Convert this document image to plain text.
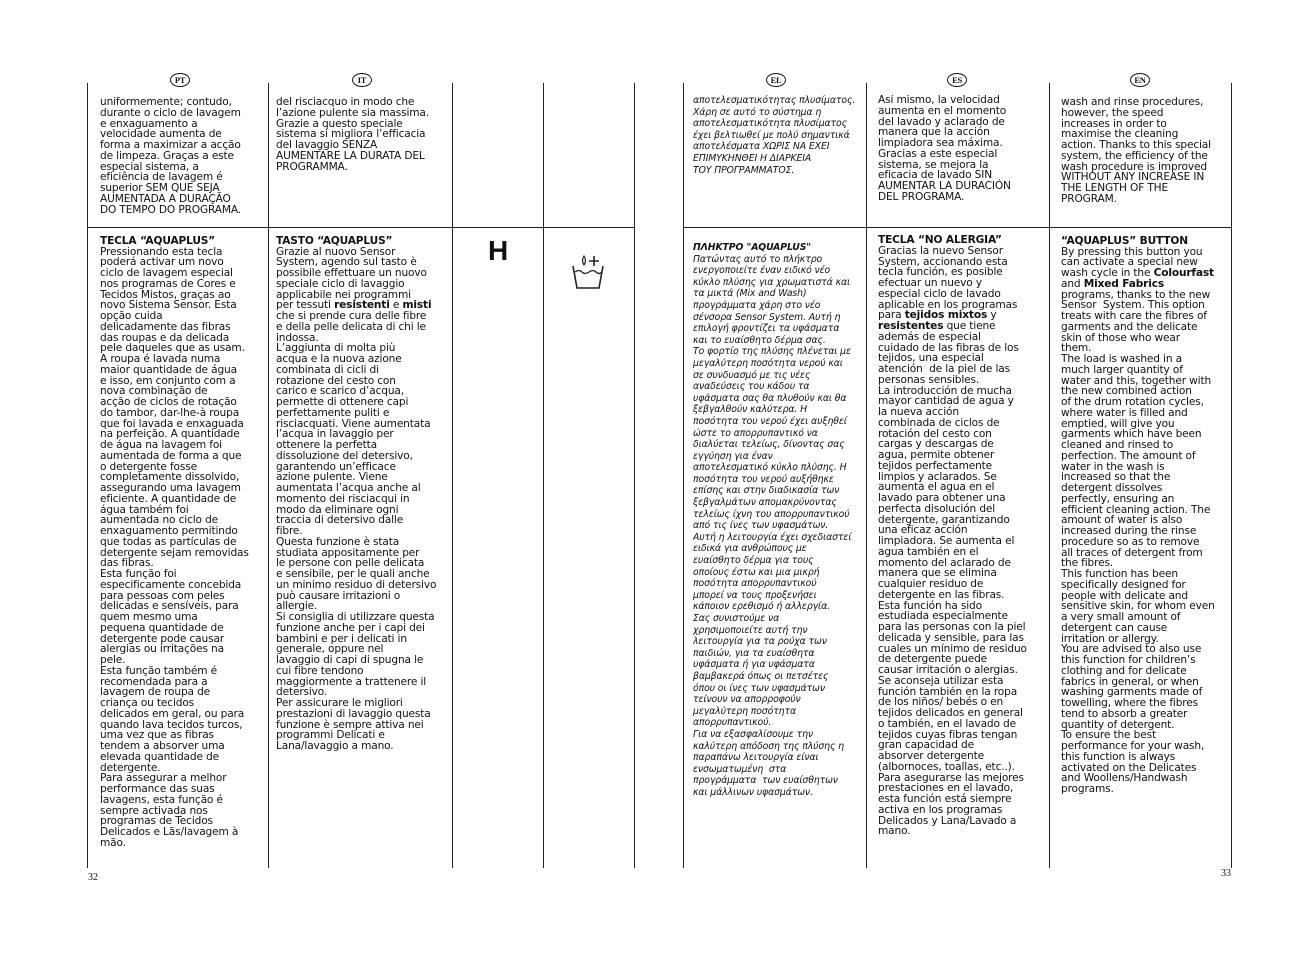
PT	IT
uniformemente; contudo,
durante o ciclo de lavagem
e enxaguamento a
velocidade aumenta de
forma a maximizar a acção
de limpeza. Graças a este
especial sistema, a
eficiência de lavagem é
superior SEM QUE SEJA
AUMENTADA A DURAÇÃO
DO TEMPO DO PROGRAMA.
TECLA “AQUAPLUS”
Pressionando esta tecla
poderá activar um novo
ciclo de lavagem especial
nos programas de Cores e
Tecidos Mistos, graças ao
novo Sistema Sensor. Esta
opção cuida
delicadamente das fibras
das roupas e da delicada
pele daqueles que as usam.
A roupa é lavada numa
maior quantidade de água
e isso, em conjunto com a
nova combinação de
acção de ciclos de rotação
do tambor, dar-lhe-à roupa
que foi lavada e enxaguada
na perfeição. A quantidade
de água na lavagem foi
aumentada de forma a que
o detergente fosse
completamente dissolvido,
assegurando uma lavagem
eficiente. A quantidade de
água também foi
aumentada no ciclo de
enxaguamento permitindo
que todas as partículas de
detergente sejam removidas
das fibras.
Esta função foi
especificamente concebida
para pessoas com peles
delicadas e sensíveis, para
quem mesmo uma
pequena quantidade de
detergente pode causar
alergias ou irritações na
pele.
Esta função também é
recomendada para a
lavagem de roupa de
criança ou tecidos
delicados em geral, ou para
quando lava tecidos turcos,
uma vez que as fibras
tendem a absorver uma
elevada quantidade de
detergente.
Para assegurar a melhor
performance das suas
lavagens, esta função é
sempre activada nos
programas de Tecidos
Delicados e Lãs/lavagem à
mão.
del risciacquo in modo che
l’azione pulente sia massima.
Grazie a questo speciale
sistema si migliora l’efficacia
del lavaggio SENZA
AUMENTARE LA DURATA DEL
PROGRAMMA.
TASTO “AQUAPLUS”
Grazie al nuovo Sensor
System, agendo sul tasto è
possibile effettuare un nuovo
speciale ciclo di lavaggio
applicabile nei programmi
per tessuti resistenti e misti
che si prende cura delle fibre
e della pelle delicata di chi le
indossa.
L’aggiunta di molta più
acqua e la nuova azione
combinata di cicli di
rotazione del cesto con
carico e scarico d’acqua,
permette di ottenere capi
perfettamente puliti e
risciacquati. Viene aumentata
l’acqua in lavaggio per
ottenere la perfetta
dissoluzione del detersivo,
garantendo un’efficace
azione pulente. Viene
aumentata l’acqua anche al
momento dei risciacqui in
modo da eliminare ogni
traccia di detersivo dalle
fibre.
Questa funzione è stata
studiata appositamente per
le persone con pelle delicata
e sensibile, per le quali anche
un minimo residuo di detersivo
può causare irritazioni o
allergie.
Si consiglia di utilizzare questa
funzione anche per i capi dei
bambini e per i delicati in
generale, oppure nel
lavaggio di capi di spugna le
cui fibre tendono
maggiormente a trattenere il
detersivo.
Per assicurare le migliori
prestazioni di lavaggio questa
funzione è sempre attiva nei
programmi Delicati e
Lana/lavaggio a mano.
H
32
EL	ES	EN
αποτελεσματικότητας πλυσίματος.
Χάρη σε αυτό το σύστημα η
αποτελεσματικότητα πλυσίματος
έχει βελτιωθεί με πολύ σημαντικά
αποτελέσματα ΧΩΡΙΣ ΝΑ ΕΧΕΙ
ΕΠΙΜΥΚΗΝΘΕΙ Η ΔΙΑΡΚΕΙΑ
ΤΟΥ ΠΡΟΓΡΑΜΜΑΤΟΣ.
ΠΛΗΚΤΡΟ "AQUAPLUS"
Πατώντας αυτό το πλήκτρο
ενεργοποιείτε έναν ειδικό νέο
κύκλο πλύσης για χρωματιστά και
τα μικτά (Mix and Wash)
προγράμματα χάρη στο νέο
σένσορα Sensor System. Αυτή η
επιλογή φροντίζει τα υφάσματα
και το ευαίσθητο δέρμα σας.
Το φορτίο της πλύσης πλένεται με
μεγαλύτερη ποσότητα νερού και
σε συνδυασμό με τις νέες
αναδεύσεις του κάδου τα
υφάσματα σας θα πλυθούν και θα
ξεβγαλθούν καλύτερα. Η
ποσότητα του νερού έχει αυξηθεί
ώστε το απορρυπαντικό να
διαλύεται τελείως, δίνοντας σας
εγγύηση για έναν
αποτελεσματικό κύκλο πλύσης. Η
ποσότητα του νερού αυξήθηκε
επίσης και στην διαδικασία των
ξεβγαλμάτων απομακρύνοντας
τελείως ίχνη του απορρυπαντικού
από τις ίνες των υφασμάτων.
Αυτή η λειτουργία έχει σχεδιαστεί
ειδικά για ανθρώπους με
ευαίσθητο δέρμα για τους
οποίους έστω και μια μικρή
ποσότητα απορρυπαντικού
μπορεί να τους προξενήσει
κάποιον ερεθισμό ή αλλεργία.
Σας συνιστούμε να
χρησιμοποιείτε αυτή την
λειτουργία για τα ρούχα των
παιδιών, για τα ευαίσθητα
υφάσματα ή για υφάσματα
βαμβακερά όπως οι πετσέτες
όπου οι ίνες των υφασμάτων
τείνουν να απορροφούν
μεγαλύτερη ποσότητα
απορρυπαντικού.
Για να εξασφαλίσουμε την
καλύτερη απόδοση της πλύσης η
παραπάνω λειτουργία είναι
ενσωματωμένη  στα
προγράμματα  των ευαίσθητων
και μάλλινων υφασμάτων.
Así mismo, la velocidad
aumenta en el momento
del lavado y aclarado de
manera que la acción
limpiadora sea máxima.
Gracias a este especial
sistema, se mejora la
eficacia de lavado SIN
AUMENTAR LA DURACIÓN
DEL PROGRAMA.
TECLA “NO ALERGIA”
Gracias la nuevo Sensor
System, accionando esta
tecla función, es posible
efectuar un nuevo y
especial ciclo de lavado
aplicable en los programas
para tejidos mixtos y
resistentes que tiene
además de especial
cuidado de las fibras de los
tejidos, una especial
atención  de la piel de las
personas sensibles.
La introducción de mucha
mayor cantidad de agua y
la nueva acción
combinada de ciclos de
rotación del cesto con
cargas y descargas de
agua, permite obtener
tejidos perfectamente
limpios y aclarados. Se
aumenta el agua en el
lavado para obtener una
perfecta disolución del
detergente, garantizando
una eficaz acción
limpiadora. Se aumenta el
agua también en el
momento del aclarado de
manera que se elimina
cualquier residuo de
detergente en las fibras.
Esta función ha sido
estudiada especialmente
para las personas con la piel
delicada y sensible, para las
cuales un mínimo de residuo
de detergente puede
causar irritación o alergias.
Se aconseja utilizar esta
función también en la ropa
de los niños/ bebés o en
tejidos delicados en general
o también, en el lavado de
tejidos cuyas fibras tengan
gran capacidad de
absorver detergente
(albornoces, toallas, etc..).
Para asegurarse las mejores
prestaciones en el lavado,
esta función está siempre
activa en los programas
Delicados y Lana/Lavado a
mano.
wash and rinse procedures,
however, the speed
increases in order to
maximise the cleaning
action. Thanks to this special
system, the efficiency of the
wash procedure is improved
WITHOUT ANY INCREASE IN
THE LENGTH OF THE
PROGRAM.
“AQUAPLUS” BUTTON
By pressing this button you
can activate a special new
wash cycle in the Colourfast
and Mixed Fabrics
programs, thanks to the new
Sensor  System. This option
treats with care the fibres of
garments and the delicate
skin of those who wear
them.
The load is washed in a
much larger quantity of
water and this, together with
the new combined action
of the drum rotation cycles,
where water is filled and
emptied, will give you
garments which have been
cleaned and rinsed to
perfection. The amount of
water in the wash is
increased so that the
detergent dissolves
perfectly, ensuring an
efficient cleaning action. The
amount of water is also
increased during the rinse
procedure so as to remove
all traces of detergent from
the fibres.
This function has been
specifically designed for
people with delicate and
sensitive skin, for whom even
a very small amount of
detergent can cause
irritation or allergy.
You are advised to also use
this function for children’s
clothing and for delicate
fabrics in general, or when
washing garments made of
towelling, where the fibres
tend to absorb a greater
quantity of detergent.
To ensure the best
performance for your wash,
this function is always
activated on the Delicates
and Woollens/Handwash
programs.
33
